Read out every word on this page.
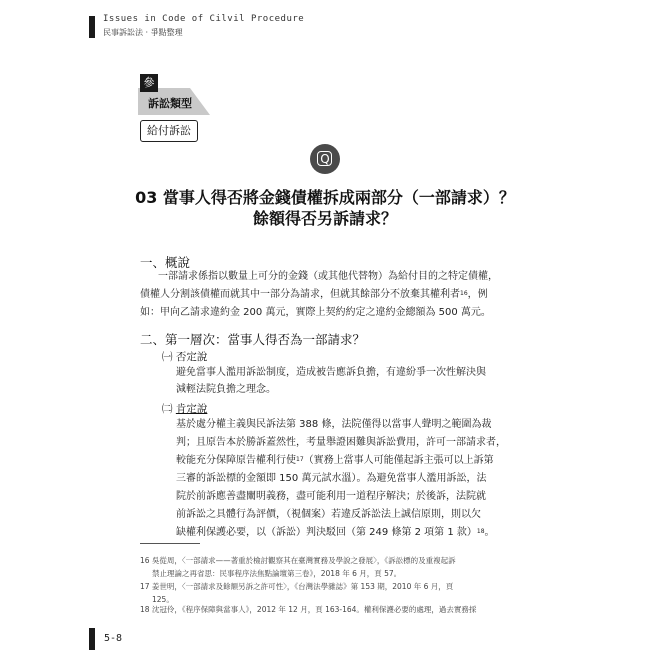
Issues in Code of Cilvil Procedure
民事訴訟法 · 爭點整理
參
訴訟類型
給付訴訟
Q
03 當事人得否將金錢債權拆成兩部分（一部請求）？
餘額得否另訴請求？
一、概說
一部請求係指以數量上可分的金錢（或其他代替物）為給付目的之特定債權，
債權人分割該債權而就其中一部分為請求，但就其餘部分不放棄其權利者$^{16}$，例
如：甲向乙請求違約金 200 萬元，實際上契約約定之違約金總額為 500 萬元。
二、第一層次：當事人得否為一部請求？
㈠ 否定說
避免當事人濫用訴訟制度，造成被告應訴負擔，有違紛爭一次性解決與
減輕法院負擔之理念。
㈡ 肯定說
基於處分權主義與民訴法第 388 條，法院僅得以當事人聲明之範圍為裁
判；且原告本於勝訴蓋然性，考量舉證困難與訴訟費用，許可一部請求者，
較能充分保障原告權利行使$^{17}$（實務上當事人可能僅起訴主張可以上訴第
三審的訴訟標的金額即 150 萬元試水溫）。為避免當事人濫用訴訟，法
院於前訴應善盡闡明義務，盡可能利用一道程序解決；於後訴，法院就
前訴訟之具體行為評價，（視個案）若違反訴訟法上誠信原則，則以欠
缺權利保護必要，以（訴訟）判決駁回（第 249 條第 2 項第 1 款）$^{18}$。
16 吳從周，〈一部請求——著重於檢討觀察其在臺灣實務及學說之發展〉，《訴訟標的及重複起訴
禁止理論之再省思：民事程序法焦點論壇第三卷》，2018 年 6 月，頁 57。
17 姜世明，〈一部請求及餘額另訴之許可性〉，《台灣法學雜誌》第 153 期，2010 年 6 月，頁
125。
18 沈冠伶，《程序保障與當事人》，2012 年 12 月，頁 163-164。權利保護必要的處理，過去實務採
5-8
